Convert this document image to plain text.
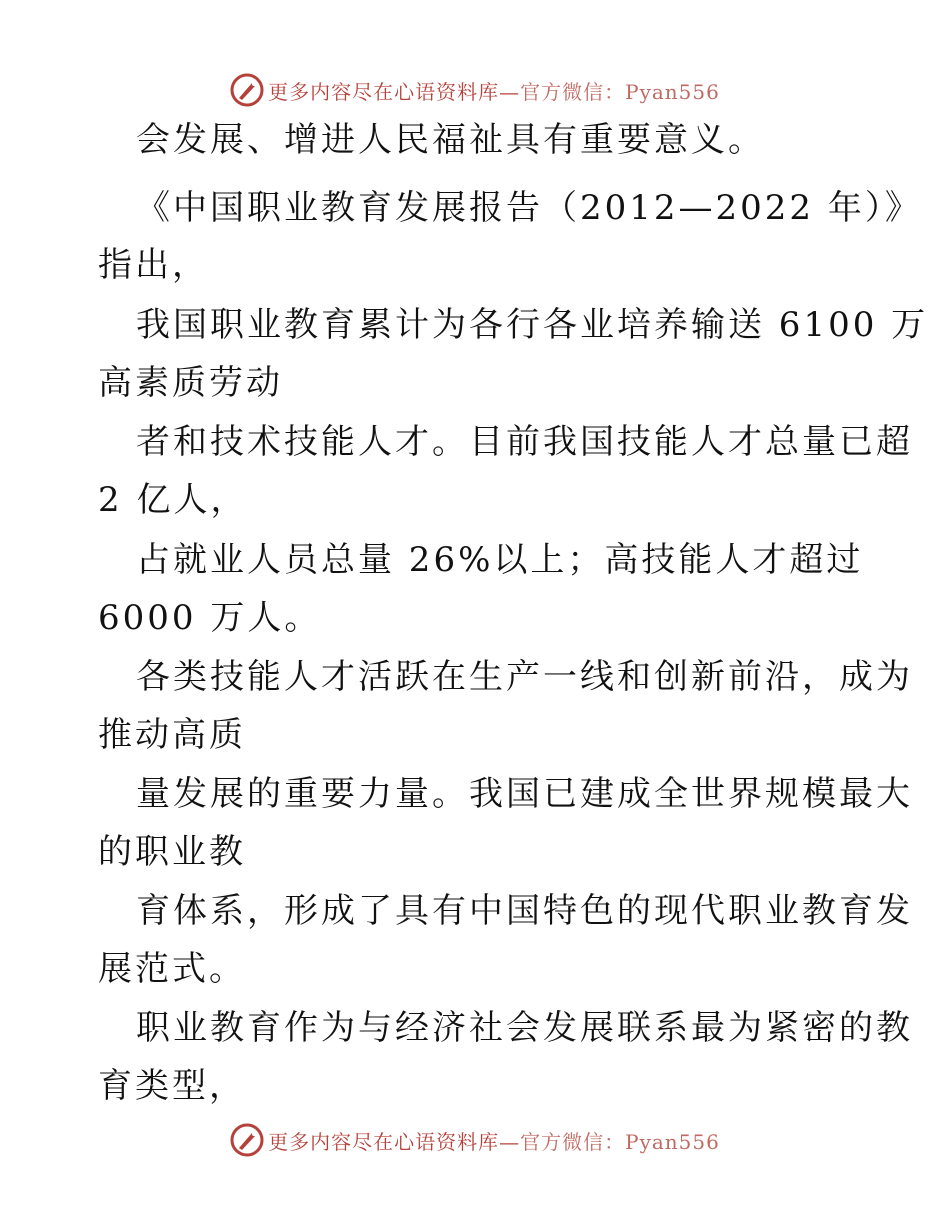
更多内容尽在心语资料库—官方微信：Pyan556
会发展、增进人民福祉具有重要意义。
《中国职业教育发展报告（2012—2022 年）》
指出，
我国职业教育累计为各行各业培养输送 6100 万
高素质劳动
者和技术技能人才。目前我国技能人才总量已超
2 亿人，
占就业人员总量 26%以上；高技能人才超过
6000 万人。
各类技能人才活跃在生产一线和创新前沿，成为
推动高质
量发展的重要力量。我国已建成全世界规模最大
的职业教
育体系，形成了具有中国特色的现代职业教育发
展范式。
职业教育作为与经济社会发展联系最为紧密的教
育类型，
更多内容尽在心语资料库—官方微信：Pyan556
